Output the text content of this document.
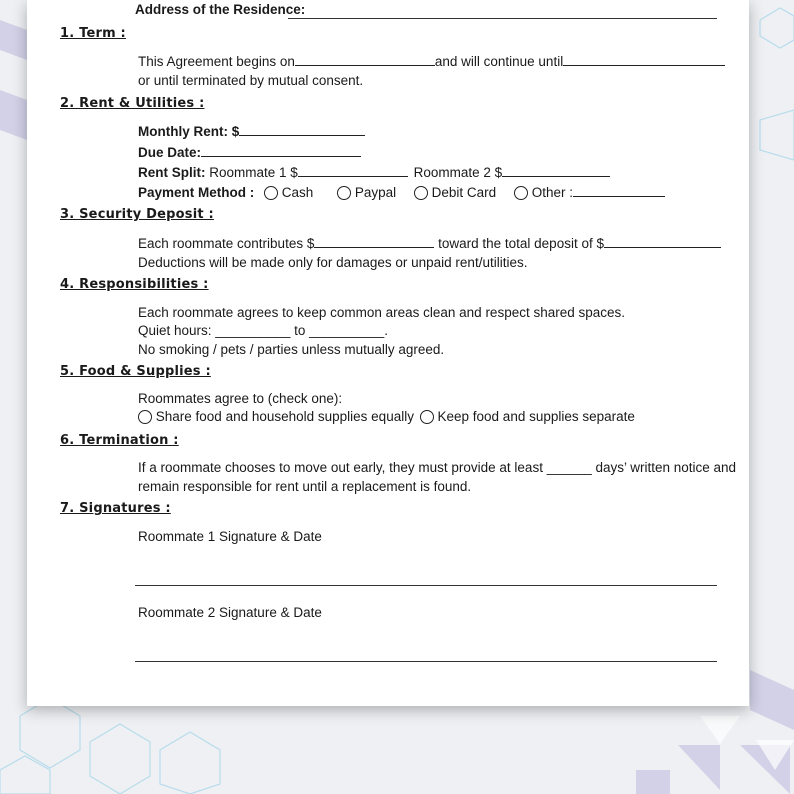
Address of the Residence:
1. Term :
This Agreement begins on	and will continue until
or until terminated by mutual consent.
2. Rent & Utilities :
Monthly Rent: $
Due Date:
Rent Split: Roommate 1 $	Roommate 2 $
Payment Method : Cash	Paypal	Debit Card	Other :
3. Security Deposit :
Each roommate contributes $	toward the total deposit of $
Deductions will be made only for damages or unpaid rent/utilities.
4. Responsibilities :
Each roommate agrees to keep common areas clean and respect shared spaces.
Quiet hours: __________ to __________.
No smoking / pets / parties unless mutually agreed.
5. Food & Supplies :
Roommates agree to (check one):
Share food and household supplies equally Keep food and supplies separate
6. Termination :
If a roommate chooses to move out early, they must provide at least ______ days’ written notice and
remain responsible for rent until a replacement is found.
7. Signatures :
Roommate 1 Signature & Date
Roommate 2 Signature & Date
